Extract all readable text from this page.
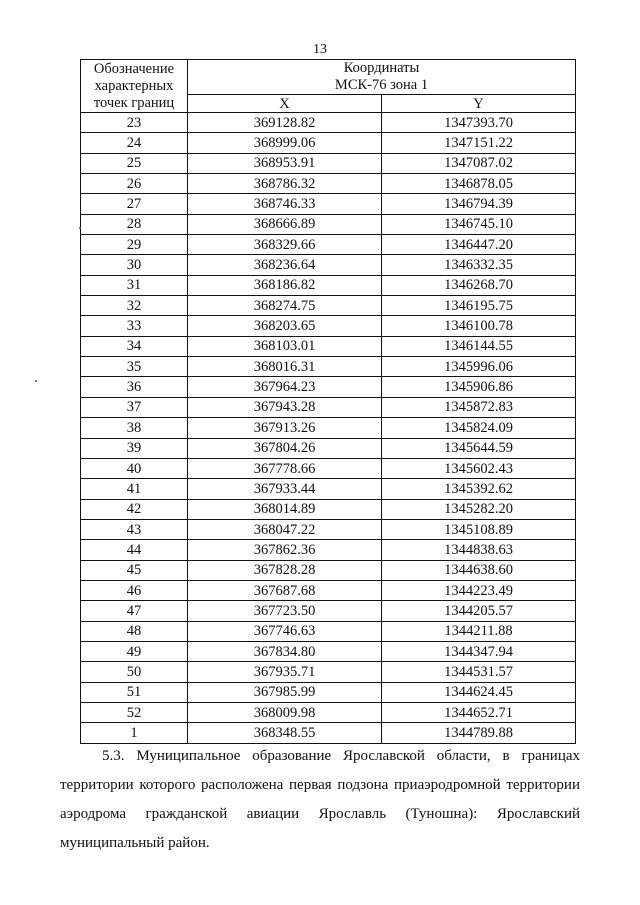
13
Обозначение
характерных
точек границ	Координаты
МСК-76 зона 1	
	X	Y
23	369128.82	1347393.70
24	368999.06	1347151.22
25	368953.91	1347087.02
26	368786.32	1346878.05
27	368746.33	1346794.39
28	368666.89	1346745.10
29	368329.66	1346447.20
30	368236.64	1346332.35
31	368186.82	1346268.70
32	368274.75	1346195.75
33	368203.65	1346100.78
34	368103.01	1346144.55
35	368016.31	1345996.06
36	367964.23	1345906.86
37	367943.28	1345872.83
38	367913.26	1345824.09
39	367804.26	1345644.59
40	367778.66	1345602.43
41	367933.44	1345392.62
42	368014.89	1345282.20
43	368047.22	1345108.89
44	367862.36	1344838.63
45	367828.28	1344638.60
46	367687.68	1344223.49
47	367723.50	1344205.57
48	367746.63	1344211.88
49	367834.80	1344347.94
50	367935.71	1344531.57
51	367985.99	1344624.45
52	368009.98	1344652.71
1	368348.55	1344789.88
5.3. Муниципальное образование Ярославской области, в границах территории которого расположена первая подзона приаэродромной территории аэродрома гражданской авиации Ярославль (Туношна): Ярославский муниципальный район.
